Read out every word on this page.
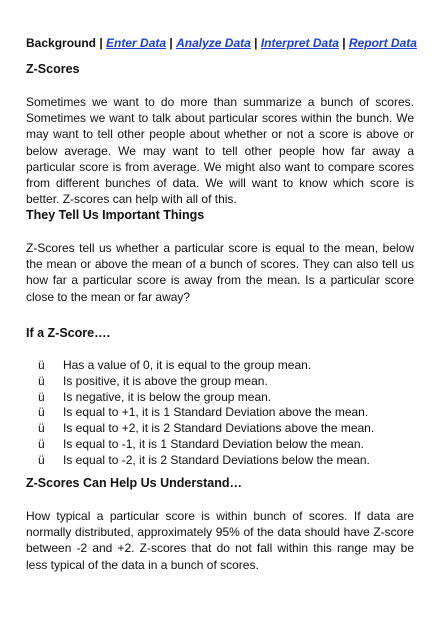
Background | Enter Data | Analyze Data | Interpret Data | Report Data
Z-Scores

Sometimes we want to do more than summarize a bunch of scores. Sometimes we want to talk about particular scores within the bunch. We may want to tell other people about whether or not a score is above or below average. We may want to tell other people how far away a particular score is from average. We might also want to compare scores from different bunches of data. We will want to know which score is better. Z-scores can help with all of this.

They Tell Us Important Things

Z-Scores tell us whether a particular score is equal to the mean, below the mean or above the mean of a bunch of scores. They can also tell us how far a particular score is away from the mean. Is a particular score close to the mean or far away?

If a Z-Score….
ü Has a value of 0, it is equal to the group mean.
ü Is positive, it is above the group mean.
ü Is negative, it is below the group mean.
ü Is equal to +1, it is 1 Standard Deviation above the mean.
ü Is equal to +2, it is 2 Standard Deviations above the mean.
ü Is equal to -1, it is 1 Standard Deviation below the mean.
ü Is equal to -2, it is 2 Standard Deviations below the mean.
Z-Scores Can Help Us Understand…

How typical a particular score is within bunch of scores. If data are normally distributed, approximately 95% of the data should have Z-score between -2 and +2. Z-scores that do not fall within this range may be less typical of the data in a bunch of scores.
